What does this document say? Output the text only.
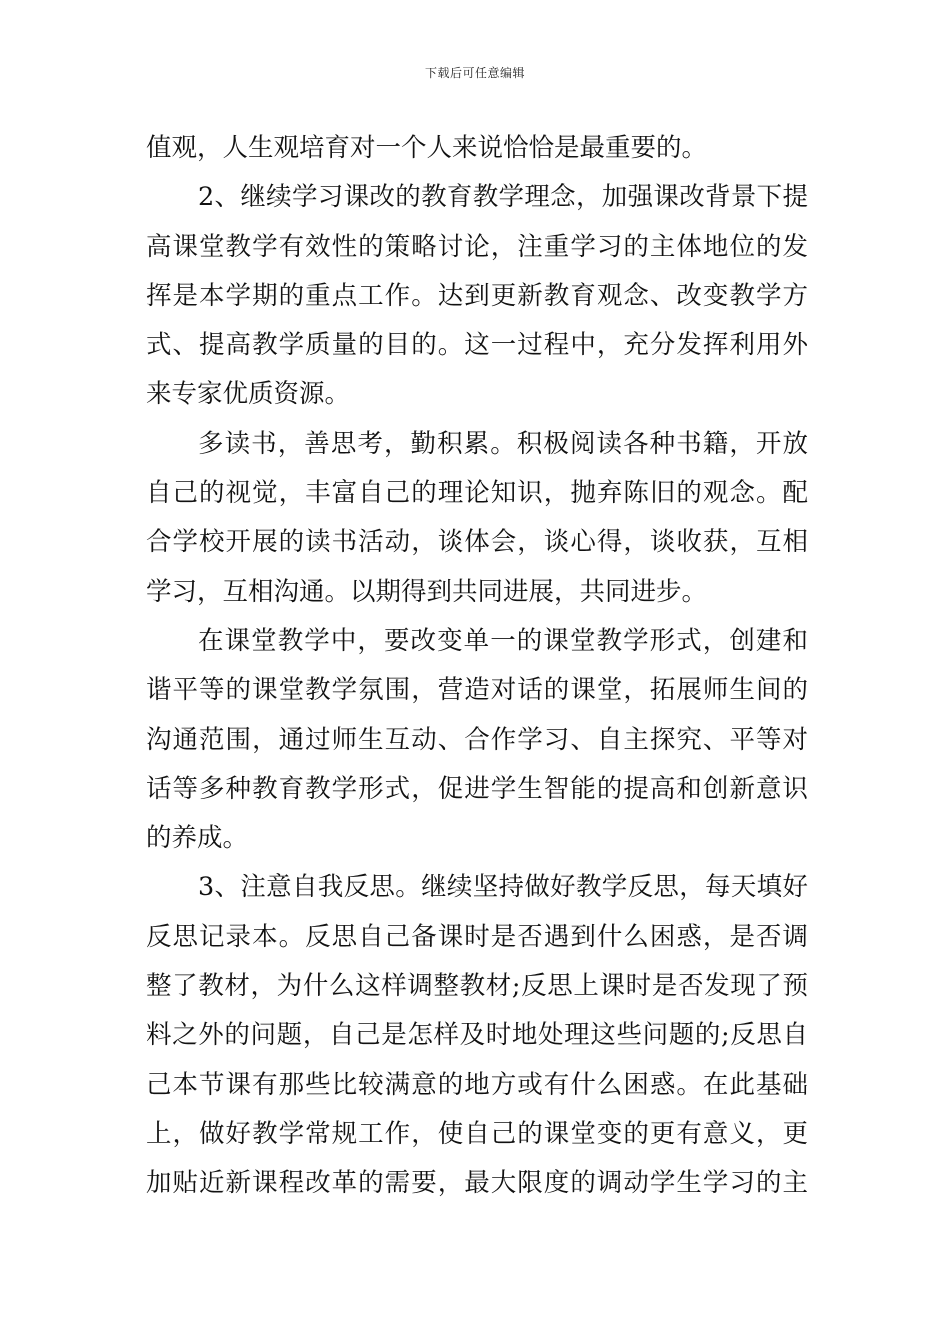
下载后可任意编辑
值观，人生观培育对一个人来说恰恰是最重要的。
2、继续学习课改的教育教学理念，加强课改背景下提
高课堂教学有效性的策略讨论，注重学习的主体地位的发
挥是本学期的重点工作。达到更新教育观念、改变教学方
式、提高教学质量的目的。这一过程中，充分发挥利用外
来专家优质资源。
多读书，善思考，勤积累。积极阅读各种书籍，开放
自己的视觉，丰富自己的理论知识，抛弃陈旧的观念。配
合学校开展的读书活动，谈体会，谈心得，谈收获，互相
学习，互相沟通。以期得到共同进展，共同进步。
在课堂教学中，要改变单一的课堂教学形式，创建和
谐平等的课堂教学氛围，营造对话的课堂，拓展师生间的
沟通范围，通过师生互动、合作学习、自主探究、平等对
话等多种教育教学形式，促进学生智能的提高和创新意识
的养成。
3、注意自我反思。继续坚持做好教学反思，每天填好
反思记录本。反思自己备课时是否遇到什么困惑，是否调
整了教材，为什么这样调整教材;反思上课时是否发现了预
料之外的问题，自己是怎样及时地处理这些问题的;反思自
己本节课有那些比较满意的地方或有什么困惑。在此基础
上，做好教学常规工作，使自己的课堂变的更有意义，更
加贴近新课程改革的需要，最大限度的调动学生学习的主
